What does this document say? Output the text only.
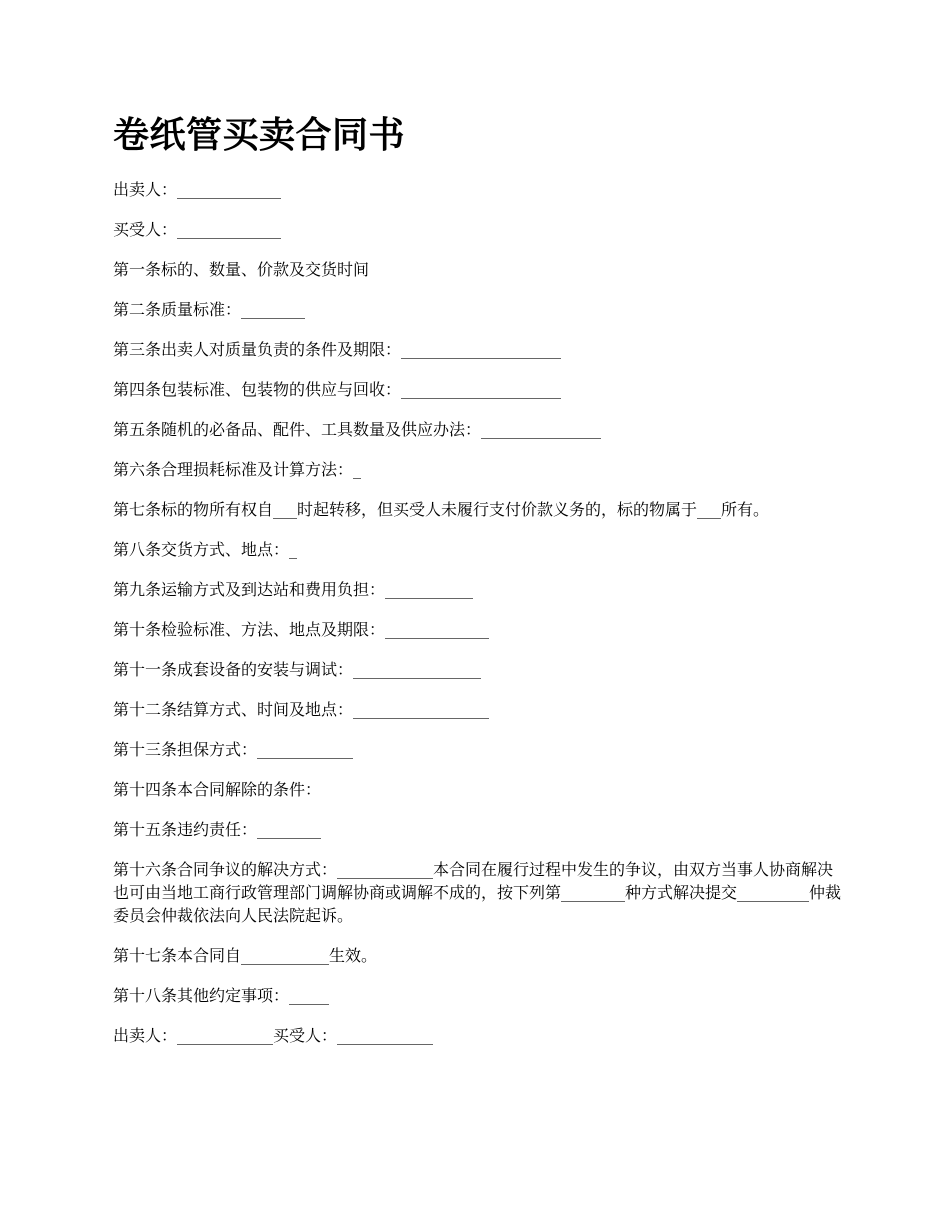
卷纸管买卖合同书

出卖人：_____________

买受人：_____________

第一条标的、数量、价款及交货时间

第二条质量标准：________

第三条出卖人对质量负责的条件及期限：____________________

第四条包装标准、包装物的供应与回收：____________________

第五条随机的必备品、配件、工具数量及供应办法：_______________

第六条合理损耗标准及计算方法：_

第七条标的物所有权自___时起转移，但买受人未履行支付价款义务的，标的物属于___所有。

第八条交货方式、地点：_

第九条运输方式及到达站和费用负担：___________

第十条检验标准、方法、地点及期限：_____________

第十一条成套设备的安装与调试：________________

第十二条结算方式、时间及地点：_________________

第十三条担保方式：____________

第十四条本合同解除的条件：

第十五条违约责任：________

第十六条合同争议的解决方式：____________本合同在履行过程中发生的争议，由双方当事人协商解决也可由当地工商行政管理部门调解协商或调解不成的，按下列第________种方式解决提交_________仲裁委员会仲裁依法向人民法院起诉。

第十七条本合同自___________生效。

第十八条其他约定事项：_____

出卖人：____________买受人：____________
